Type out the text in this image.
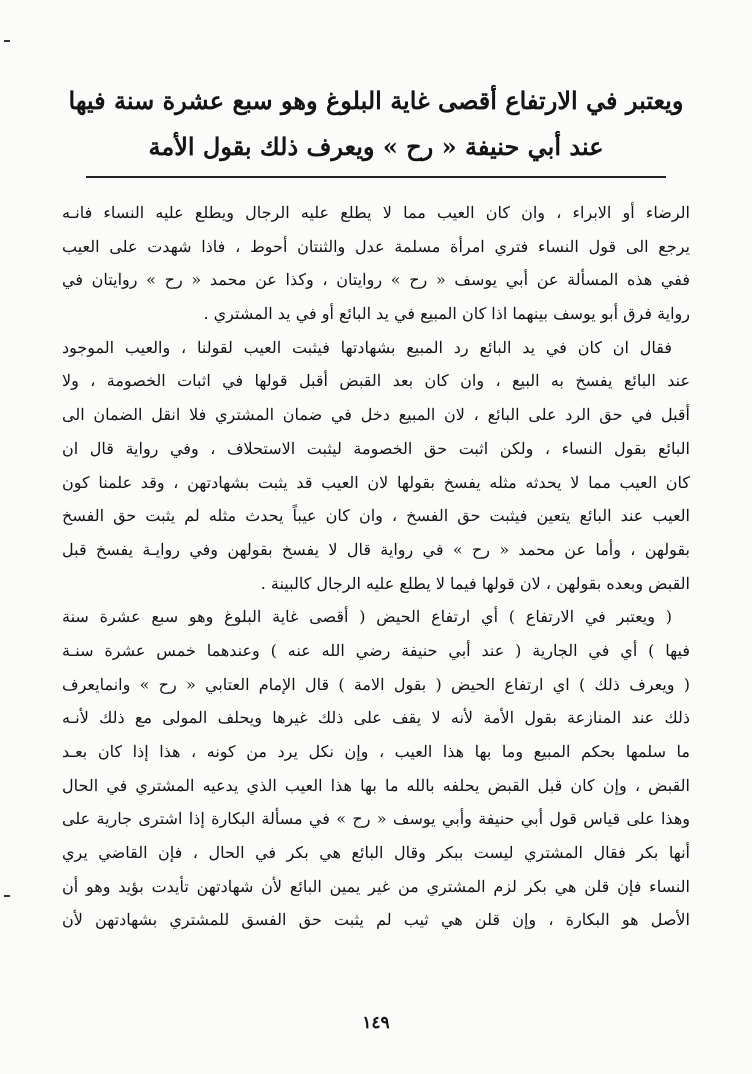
ويعتبر في الارتفاع أقصى غاية البلوغ وهو سبع عشرة سنة فيها
عند أبي حنيفة « رح » ويعرف ذلك بقول الأمة
الرضاء أو الابراء ، وان كان العيب مما لا يطلع عليه الرجال ويطلع عليه النساء فانـه
يرجع الى قول النساء فتري امرأة مسلمة عدل والثنتان أحوط ، فاذا شهدت على العيب
ففي هذه المسألة عن أبي يوسف « رح » روايتان ، وكذا عن محمد « رح » روايتان في
رواية فرق أبو يوسف بينهما اذا كان المبيع في يد البائع أو في يد المشتري .
فقال ان كان في يد البائع رد المبيع بشهادتها فيثبت العيب لقولنا ، والعيب الموجود
عند البائع يفسخ به البيع ، وان كان بعد القبض أقبل قولها في اثبات الخصومة ، ولا
أقبل في حق الرد على البائع ، لان المبيع دخل في ضمان المشتري فلا انقل الضمان الى
البائع بقول النساء ، ولكن اثبت حق الخصومة ليثبت الاستحلاف ، وفي رواية قال ان
كان العيب مما لا يحدثه مثله يفسخ بقولها لان العيب قد يثبت بشهادتهن ، وقد علمنا كون
العيب عند البائع يتعين فيثبت حق الفسخ ، وان كان عيباً يحدث مثله لم يثبت حق الفسخ
بقولهن ، وأما عن محمد « رح » في رواية قال لا يفسخ بقولهن وفي روايـة يفسخ قبل
القبض وبعده بقولهن ، لان قولها فيما لا يطلع عليه الرجال كالبينة .
( ويعتبر في الارتفاع ) أي ارتفاع الحيض ( أقصى غاية البلوغ وهو سبع عشرة سنة
فيها ) أي في الجارية ( عند أبي حنيفة رضي الله عنه ) وعندهما خمس عشرة سنـة
( ويعرف ذلك ) اي ارتفاع الحيض ( بقول الامة ) قال الإمام العتابي « رح » وانمايعرف
ذلك عند المنازعة بقول الأمة لأنه لا يقف على ذلك غيرها ويحلف المولى مع ذلك لأنـه
ما سلمها بحكم المبيع وما بها هذا العيب ، وإن نكل يرد من كونه ، هذا إذا كان بعـد
القبض ، وإن كان قبل القبض يحلفه بالله ما بها هذا العيب الذي يدعيه المشتري في الحال
وهذا على قياس قول أبي حنيفة وأبي يوسف « رح » في مسألة البكارة إذا اشترى جارية على
أنها بكر فقال المشتري ليست ببكر وقال البائع هي بكر في الحال ، فإن القاضي يري
النساء فإن قلن هي بكر لزم المشتري من غير يمين البائع لأن شهادتهن تأيدت بؤيد وهو أن
الأصل هو البكارة ، وإن قلن هي ثيب لم يثبت حق الفسق للمشتري بشهادتهن لأن
١٤٩
